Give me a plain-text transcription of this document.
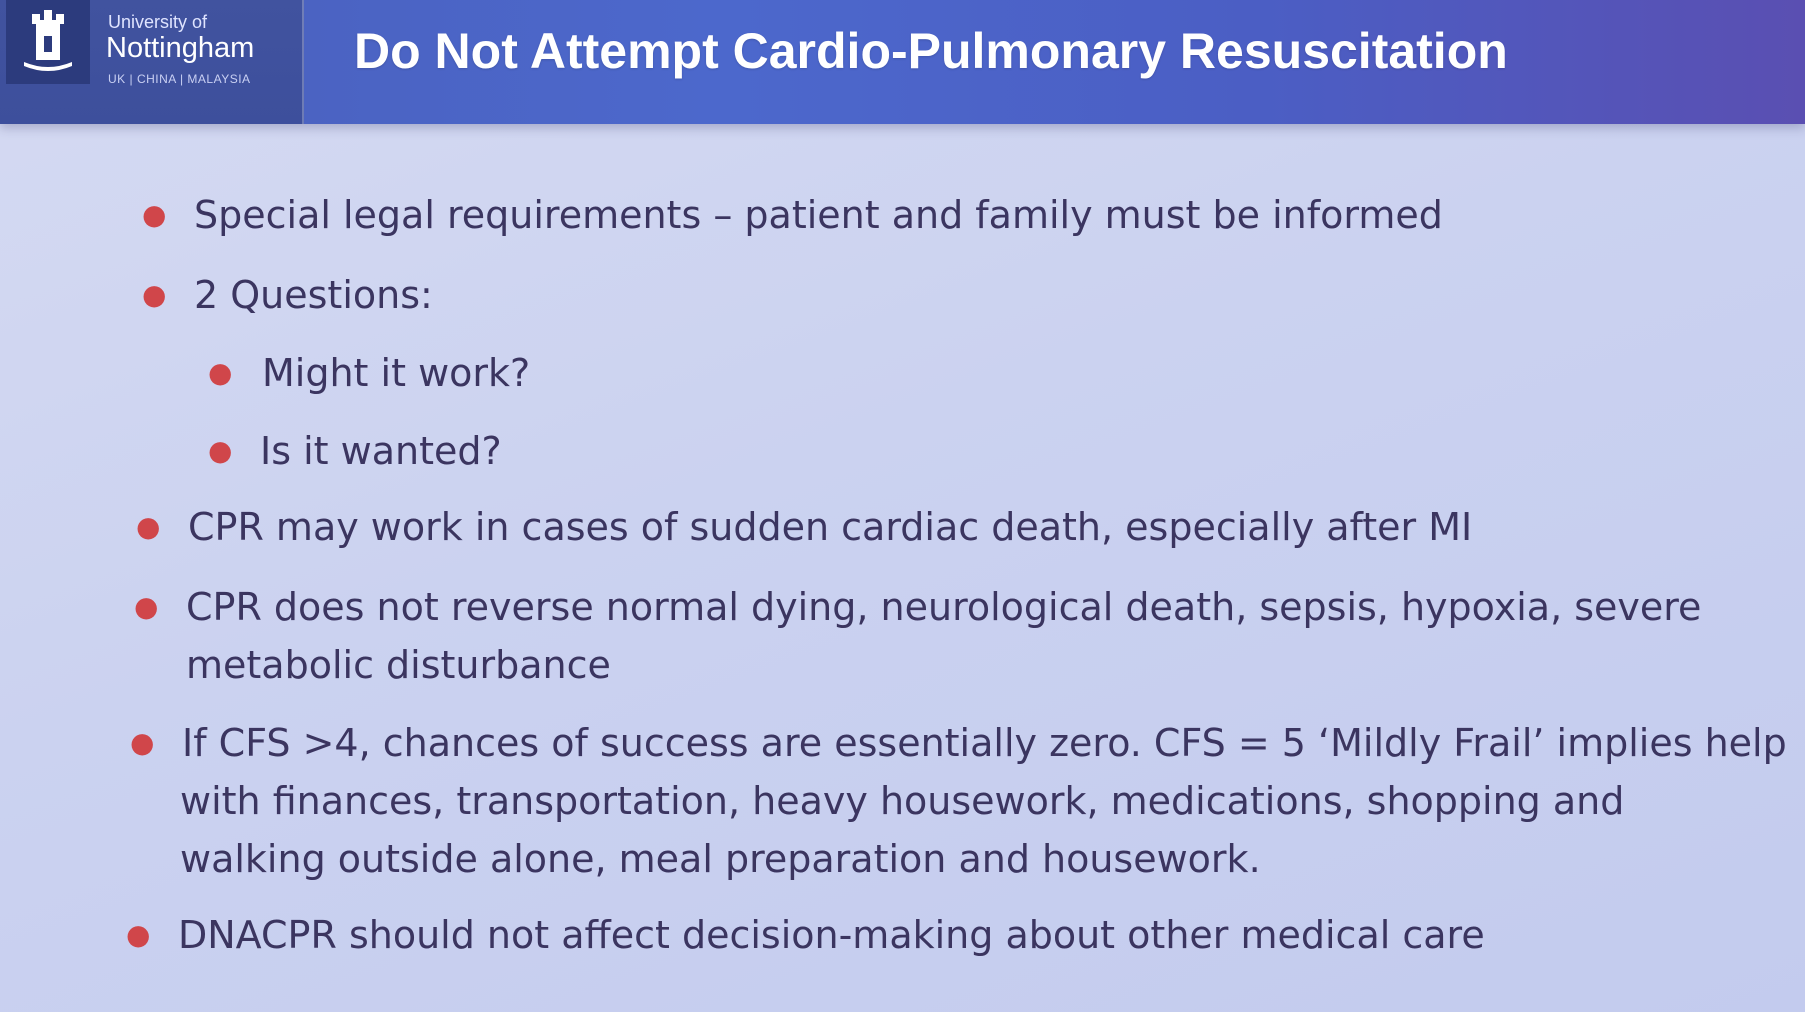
University of
Nottingham
UK | CHINA | MALAYSIA Do Not Attempt Cardio-Pulmonary Resuscitation
● Special legal requirements – patient and family must be informed
● 2 Questions:
● Might it work?
● Is it wanted?
● CPR may work in cases of sudden cardiac death, especially after MI
● CPR does not reverse normal dying, neurological death, sepsis, hypoxia, severe
metabolic disturbance
● If CFS >4, chances of success are essentially zero. CFS = 5 ‘Mildly Frail’ implies help
with finances, transportation, heavy housework, medications, shopping and
walking outside alone, meal preparation and housework.
● DNACPR should not affect decision-making about other medical care
